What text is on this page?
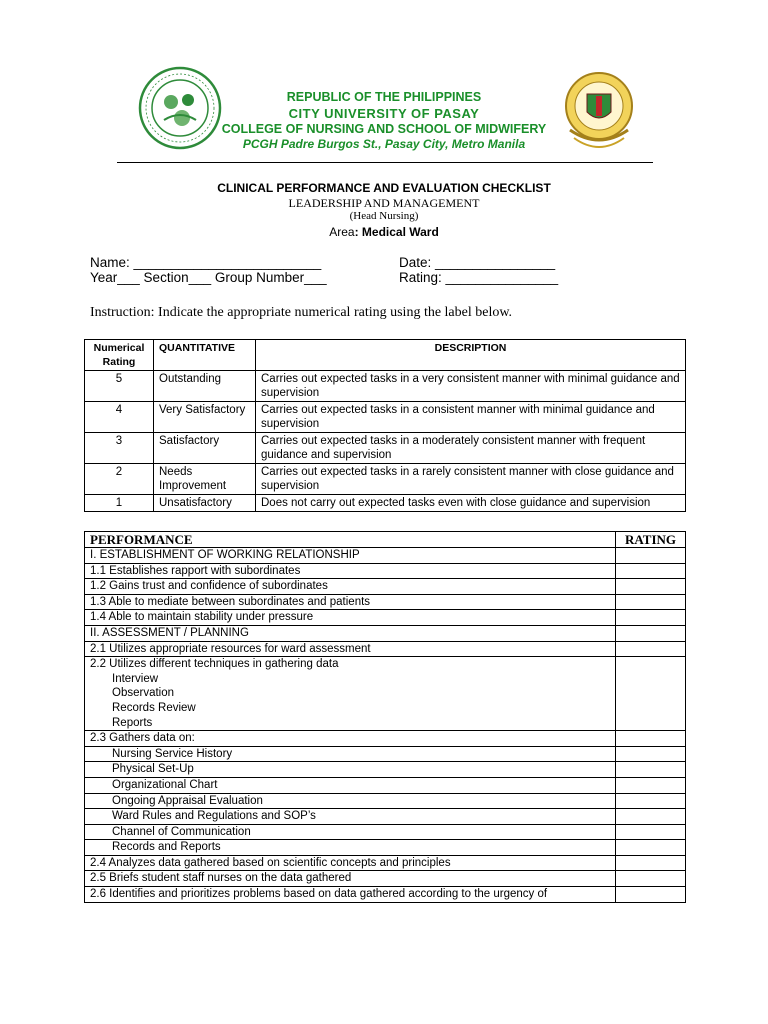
REPUBLIC OF THE PHILIPPINES
CITY UNIVERSITY OF PASAY
COLLEGE OF NURSING AND SCHOOL OF MIDWIFERY
PCGH Padre Burgos St., Pasay City, Metro Manila
CLINICAL PERFORMANCE AND EVALUATION CHECKLIST
LEADERSHIP AND MANAGEMENT
(Head Nursing)
Area: Medical Ward
Name: _________________________
Year___ Section___ Group Number___
Date: ________________
Rating: _______________
Instruction: Indicate the appropriate numerical rating using the label below.
Numerical Rating	QUANTITATIVE	DESCRIPTION
5	Outstanding	Carries out expected tasks in a very consistent manner with minimal guidance and supervision
4	Very Satisfactory	Carries out expected tasks in a consistent manner with minimal guidance and supervision
3	Satisfactory	Carries out expected tasks in a moderately consistent manner with frequent guidance and supervision
2	Needs Improvement	Carries out expected tasks in a rarely consistent manner with close guidance and supervision
1	Unsatisfactory	Does not carry out expected tasks even with close guidance and supervision
PERFORMANCE	RATING
I. ESTABLISHMENT OF WORKING RELATIONSHIP	
1.1 Establishes rapport with subordinates	
1.2 Gains trust and confidence of subordinates	
1.3 Able to mediate between subordinates and patients	
1.4 Able to maintain stability under pressure	
II. ASSESSMENT / PLANNING	
2.1 Utilizes appropriate resources for ward assessment	
2.2 Utilizes different techniques in gathering data
Interview
Observation
Records Review
Reports	

2.3 Gathers data on:	

Nursing Service History	

Physical Set-Up	

Organizational Chart	

Ongoing Appraisal Evaluation	

Ward Rules and Regulations and SOP’s	

Channel of Communication	

Records and Reports	

2.4 Analyzes data gathered based on scientific concepts and principles	
2.5 Briefs student staff nurses on the data gathered	
2.6 Identifies and prioritizes problems based on data gathered according to the urgency of	
